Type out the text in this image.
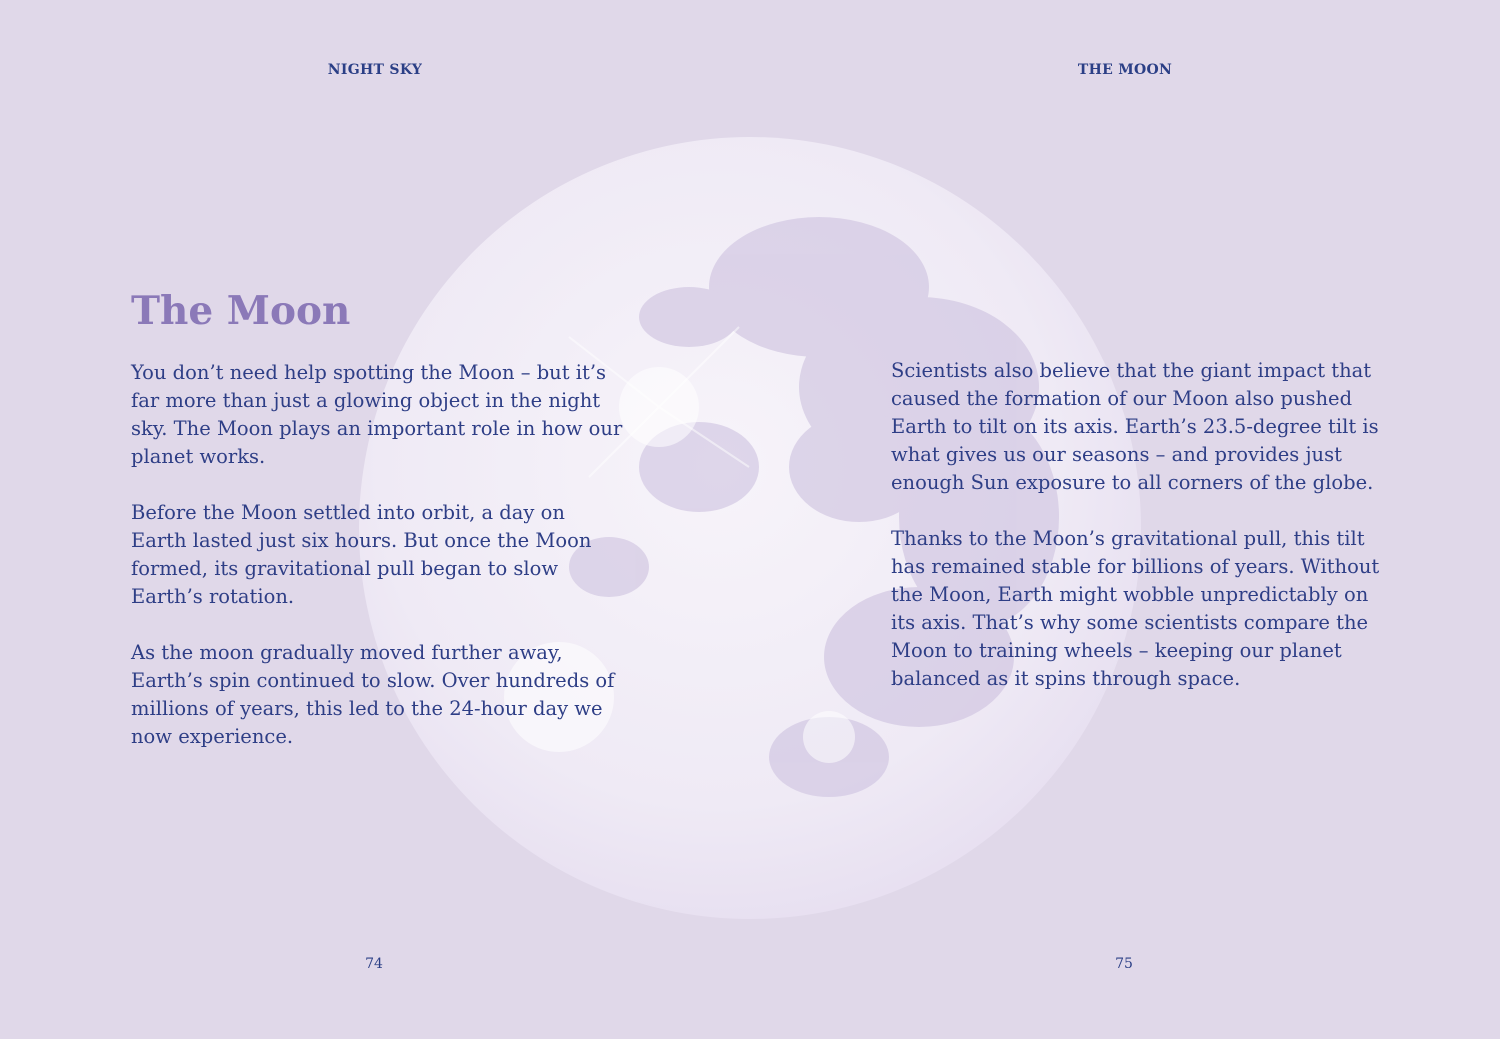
NIGHT SKY	THE MOON
The Moon

You don’t need help spotting the Moon – but it’s far more than just a glowing object in the night sky. The Moon plays an important role in how our planet works.

Before the Moon settled into orbit, a day on Earth lasted just six hours. But once the Moon formed, its gravitational pull began to slow Earth’s rotation.

As the moon gradually moved further away, Earth’s spin continued to slow. Over hundreds of millions of years, this led to the 24-hour day we now experience.

Scientists also believe that the giant impact that caused the formation of our Moon also pushed Earth to tilt on its axis. Earth’s 23.5-degree tilt is what gives us our seasons – and provides just enough Sun exposure to all corners of the globe.

Thanks to the Moon’s gravitational pull, this tilt has remained stable for billions of years. Without the Moon, Earth might wobble unpredictably on its axis. That’s why some scientists compare the Moon to training wheels – keeping our planet balanced as it spins through space.

74	75
